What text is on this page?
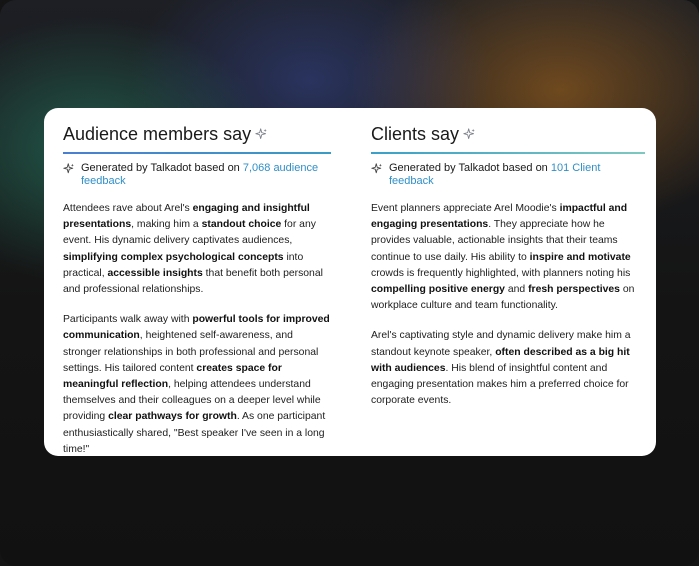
Audience members say
Generated by Talkadot based on 7,068 audience feedback
Attendees rave about Arel's engaging and insightful presentations, making him a standout choice for any event. His dynamic delivery captivates audiences, simplifying complex psychological concepts into practical, accessible insights that benefit both personal and professional relationships.
Participants walk away with powerful tools for improved communication, heightened self-awareness, and stronger relationships in both professional and personal settings. His tailored content creates space for meaningful reflection, helping attendees understand themselves and their colleagues on a deeper level while providing clear pathways for growth. As one participant enthusiastically shared, "Best speaker I've seen in a long time!"
Clients say
Generated by Talkadot based on 101 Client feedback
Event planners appreciate Arel Moodie's impactful and engaging presentations. They appreciate how he provides valuable, actionable insights that their teams continue to use daily. His ability to inspire and motivate crowds is frequently highlighted, with planners noting his compelling positive energy and fresh perspectives on workplace culture and team functionality.
Arel's captivating style and dynamic delivery make him a standout keynote speaker, often described as a big hit with audiences. His blend of insightful content and engaging presentation makes him a preferred choice for corporate events.
